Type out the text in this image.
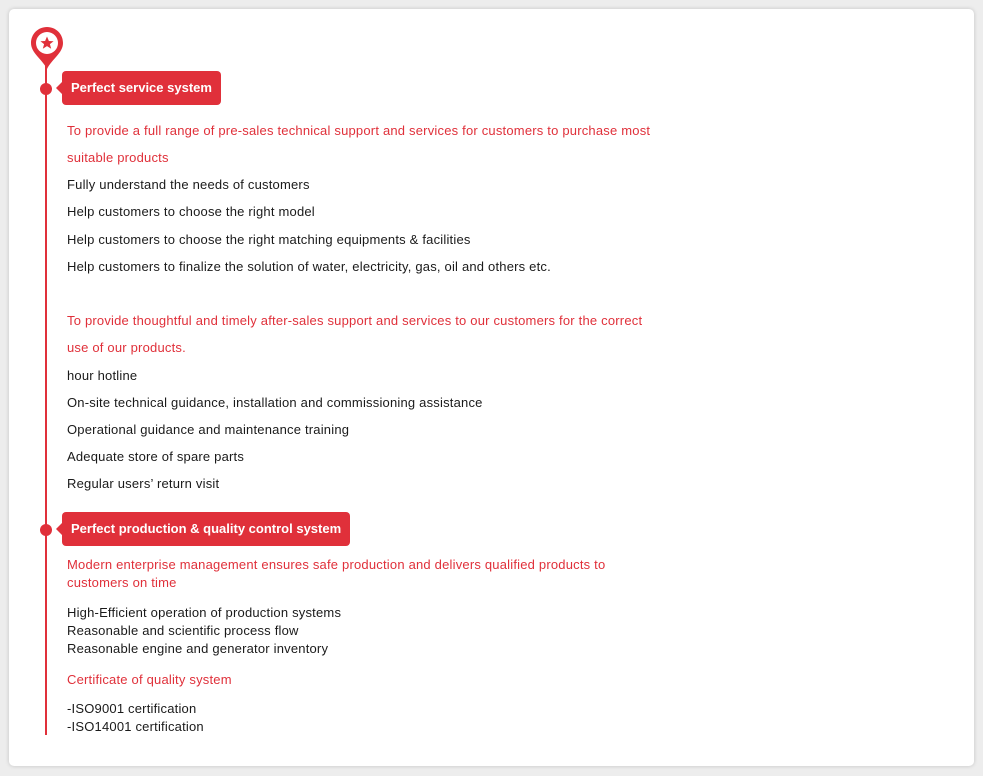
Perfect service system
To provide a full range of pre-sales technical support and services for customers to purchase most
suitable products
Fully understand the needs of customers
Help customers to choose the right model
Help customers to choose the right matching equipments & facilities
Help customers to finalize the solution of water, electricity, gas, oil and others etc.
To provide thoughtful and timely after-sales support and services to our customers for the correct
use of our products.
hour hotline
On-site technical guidance, installation and commissioning assistance
Operational guidance and maintenance training
Adequate store of spare parts
Regular users’ return visit
Perfect production & quality control system
Modern enterprise management ensures safe production and delivers qualified products to
customers on time
High-Efficient operation of production systems
Reasonable and scientific process flow
Reasonable engine and generator inventory
Certificate of quality system
-ISO9001 certification
-ISO14001 certification
